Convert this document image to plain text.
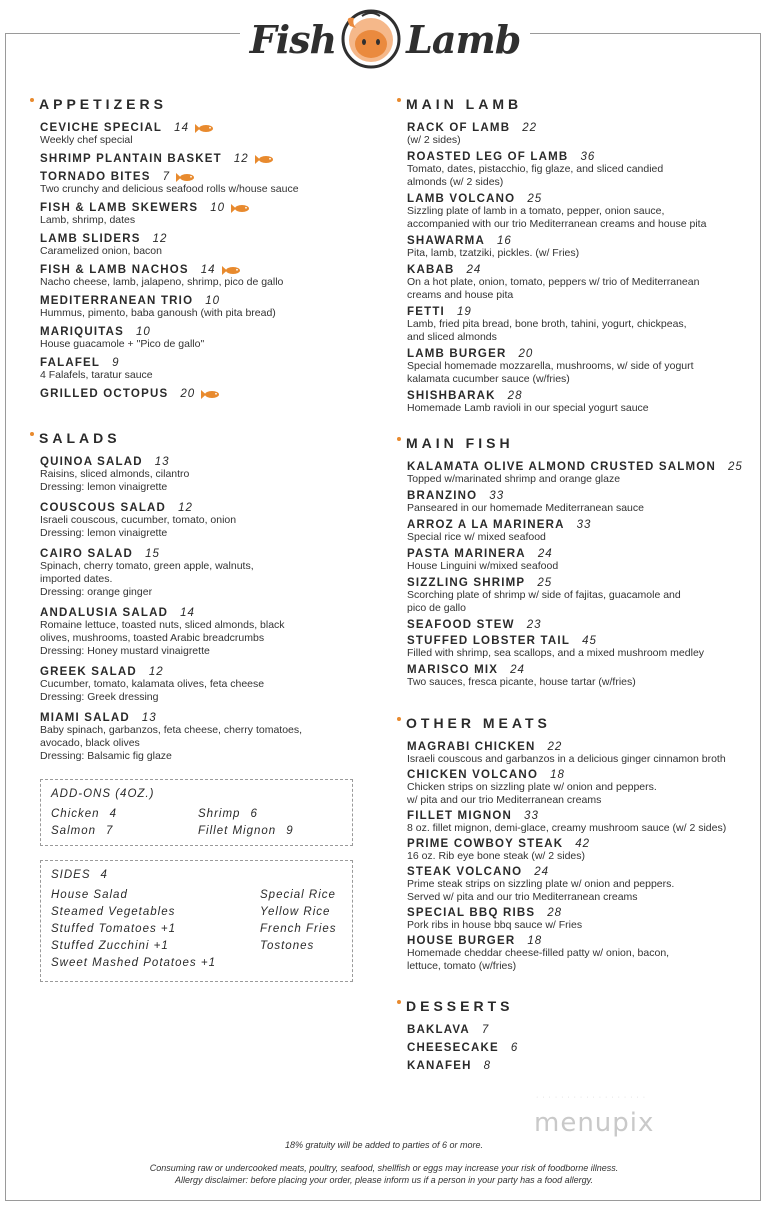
Fish Lamb
APPETIZERS
CEVICHE SPECIAL 14
Weekly chef special
SHRIMP PLANTAIN BASKET 12
TORNADO BITES 7
Two crunchy and delicious seafood rolls w/house sauce
FISH & LAMB SKEWERS 10
Lamb, shrimp, dates
LAMB SLIDERS 12
Caramelized onion, bacon
FISH & LAMB NACHOS 14
Nacho cheese, lamb, jalapeno, shrimp, pico de gallo
MEDITERRANEAN TRIO 10
Hummus, pimento, baba ganoush (with pita bread)
MARIQUITAS 10
House guacamole + "Pico de gallo"
FALAFEL 9
4 Falafels, taratur sauce
GRILLED OCTOPUS 20
SALADS
QUINOA SALAD 13
Raisins, sliced almonds, cilantro
Dressing: lemon vinaigrette
COUSCOUS SALAD 12
Israeli couscous, cucumber, tomato, onion
Dressing: lemon vinaigrette
CAIRO SALAD 15
Spinach, cherry tomato, green apple, walnuts,
imported dates.
Dressing: orange ginger
ANDALUSIA SALAD 14
Romaine lettuce, toasted nuts, sliced almonds, black
olives, mushrooms, toasted Arabic breadcrumbs
Dressing: Honey mustard vinaigrette
GREEK SALAD 12
Cucumber, tomato, kalamata olives, feta cheese
Dressing: Greek dressing
MIAMI SALAD 13
Baby spinach, garbanzos, feta cheese, cherry tomatoes,
avocado, black olives
Dressing: Balsamic fig glaze
ADD-ONS (4OZ.)
Chicken 4	Shrimp 6
Salmon 7	Fillet Mignon 9
SIDES 4
House Salad	Special Rice
Steamed Vegetables	Yellow Rice
Stuffed Tomatoes +1	French Fries
Stuffed Zucchini +1	Tostones
Sweet Mashed Potatoes +1
MAIN LAMB
RACK OF LAMB 22
(w/ 2 sides)
ROASTED LEG OF LAMB 36
Tomato, dates, pistacchio, fig glaze, and sliced candied
almonds (w/ 2 sides)
LAMB VOLCANO 25
Sizzling plate of lamb in a tomato, pepper, onion sauce,
accompanied with our trio Mediterranean creams and house pita
SHAWARMA 16
Pita, lamb, tzatziki, pickles. (w/ Fries)
KABAB 24
On a hot plate, onion, tomato, peppers w/ trio of Mediterranean
creams and house pita
FETTI 19
Lamb, fried pita bread, bone broth, tahini, yogurt, chickpeas,
and sliced almonds
LAMB BURGER 20
Special homemade mozzarella, mushrooms, w/ side of yogurt
kalamata cucumber sauce (w/fries)
SHISHBARAK 28
Homemade Lamb ravioli in our special yogurt sauce
MAIN FISH
KALAMATA OLIVE ALMOND CRUSTED SALMON 25
Topped w/marinated shrimp and orange glaze
BRANZINO 33
Panseared in our homemade Mediterranean sauce
ARROZ A LA MARINERA 33
Special rice w/ mixed seafood
PASTA MARINERA 24
House Linguini w/mixed seafood
SIZZLING SHRIMP 25
Scorching plate of shrimp w/ side of fajitas, guacamole and
pico de gallo
SEAFOOD STEW 23
STUFFED LOBSTER TAIL 45
Filled with shrimp, sea scallops, and a mixed mushroom medley
MARISCO MIX 24
Two sauces, fresca picante, house tartar (w/fries)
OTHER MEATS
MAGRABI CHICKEN 22
Israeli couscous and garbanzos in a delicious ginger cinnamon broth
CHICKEN VOLCANO 18
Chicken strips on sizzling plate w/ onion and peppers.
w/ pita and our trio Mediterranean creams
FILLET MIGNON 33
8 oz. fillet mignon, demi-glace, creamy mushroom sauce (w/ 2 sides)
PRIME COWBOY STEAK 42
16 oz. Rib eye bone steak (w/ 2 sides)
STEAK VOLCANO 24
Prime steak strips on sizzling plate w/ onion and peppers.
Served w/ pita and our trio Mediterranean creams
SPECIAL BBQ RIBS 28
Pork ribs in house bbq sauce w/ Fries
HOUSE BURGER 18
Homemade cheddar cheese-filled patty w/ onion, bacon,
lettuce, tomato (w/fries)
DESSERTS
BAKLAVA 7
CHEESECAKE 6
KANAFEH 8
· · · · · · · · · · · · · · · · · ·
menupix
18% gratuity will be added to parties of 6 or more.
Consuming raw or undercooked meats, poultry, seafood, shellfish or eggs may increase your risk of foodborne illness.
Allergy disclaimer: before placing your order, please inform us if a person in your party has a food allergy.
